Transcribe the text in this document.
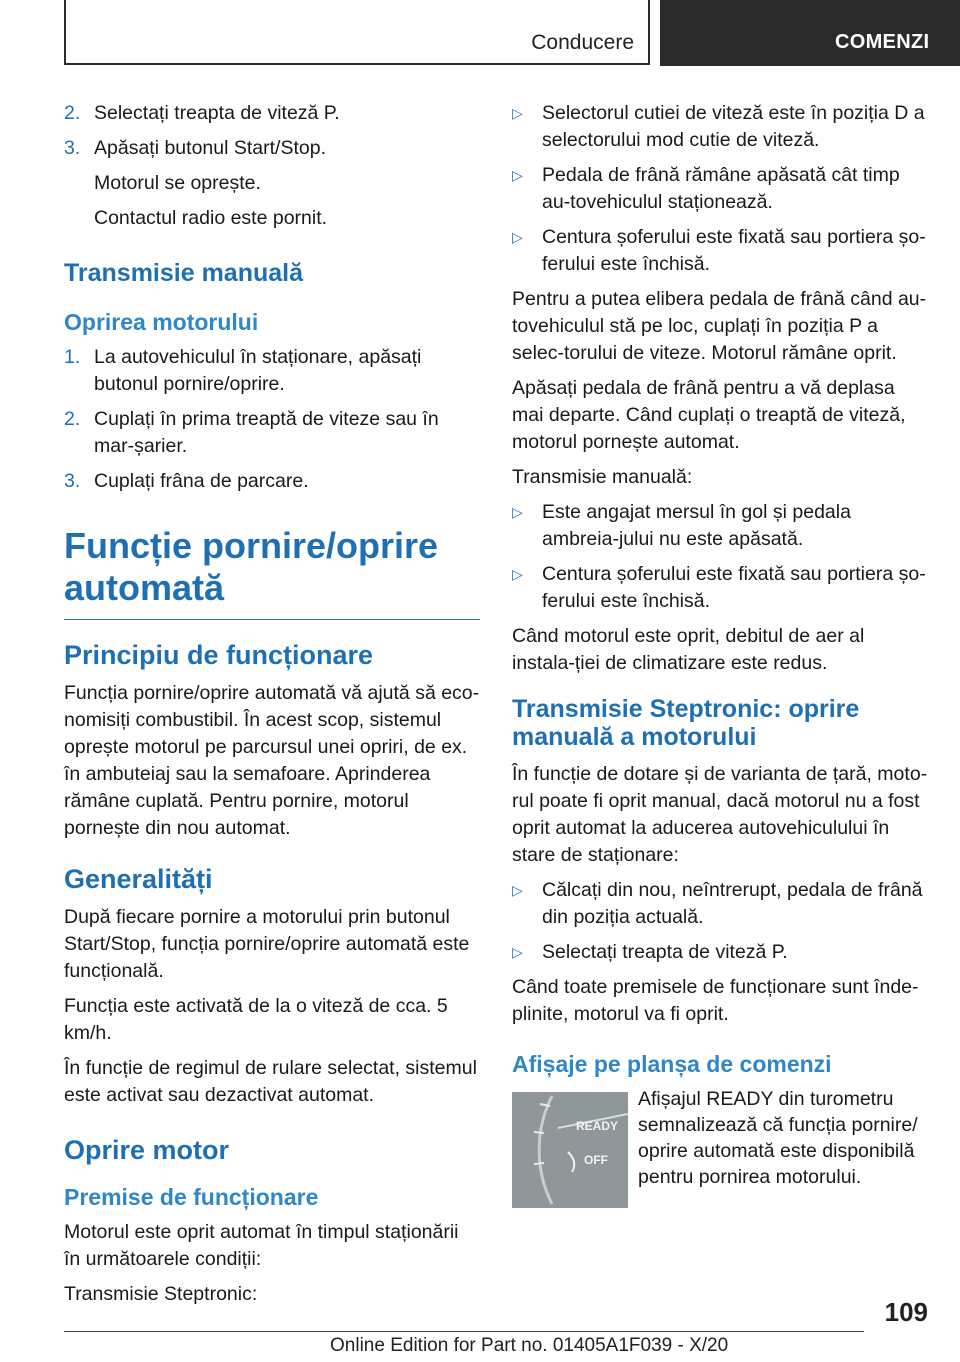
Conducere	COMENZI
2. Selectați treapta de viteză P.
3. Apăsați butonul Start/Stop.
Motorul se oprește.
Contactul radio este pornit.
Transmisie manuală
Oprirea motorului
1. La autovehiculul în staționare, apăsați butonul pornire/oprire.
2. Cuplați în prima treaptă de viteze sau în mar‐șarier.
3. Cuplați frâna de parcare.
Funcție pornire/oprire automată
Principiu de funcționare

Funcția pornire/oprire automată vă ajută să eco‐nomisiți combustibil. În acest scop, sistemul oprește motorul pe parcursul unei opriri, de ex. în ambuteiaj sau la semafoare. Aprinderea rămâne cuplată. Pentru pornire, motorul pornește din nou automat.

Generalități

După fiecare pornire a motorului prin butonul Start/Stop, funcția pornire/oprire automată este funcțională.

Funcția este activată de la o viteză de cca. 5 km/h.

În funcție de regimul de rulare selectat, sistemul este activat sau dezactivat automat.

Oprire motor
Premise de funcționare

Motorul este oprit automat în timpul staționării în următoarele condiții:

Transmisie Steptronic:

▷ Selectorul cutiei de viteză este în poziția D a selectorului mod cutie de viteză.
▷ Pedala de frână rămâne apăsată cât timp au‐tovehiculul staționează.
▷ Centura șoferului este fixată sau portiera șo‐ferului este închisă.

Pentru a putea elibera pedala de frână când au‐tovehiculul stă pe loc, cuplați în poziția P a selec‐torului de viteze. Motorul rămâne oprit.

Apăsați pedala de frână pentru a vă deplasa mai departe. Când cuplați o treaptă de viteză, motorul pornește automat.

Transmisie manuală:

▷ Este angajat mersul în gol și pedala ambreia‐jului nu este apăsată.
▷ Centura șoferului este fixată sau portiera șo‐ferului este închisă.

Când motorul este oprit, debitul de aer al instala‐ției de climatizare este redus.

Transmisie Steptronic: oprire manuală a motorului

În funcție de dotare și de varianta de țară, moto‐rul poate fi oprit manual, dacă motorul nu a fost oprit automat la aducerea autovehiculului în stare de staționare:

▷ Călcați din nou, neîntrerupt, pedala de frână din poziția actuală.
▷ Selectați treapta de viteză P.

Când toate premisele de funcționare sunt înde‐plinite, motorul va fi oprit.

Afișaje pe planșa de comenzi
READY
OFF
Afișajul READY din turometru semnalizează că funcția pornire/ oprire automată este disponibilă pentru pornirea motorului.
109
Online Edition for Part no. 01405A1F039 - X/20
